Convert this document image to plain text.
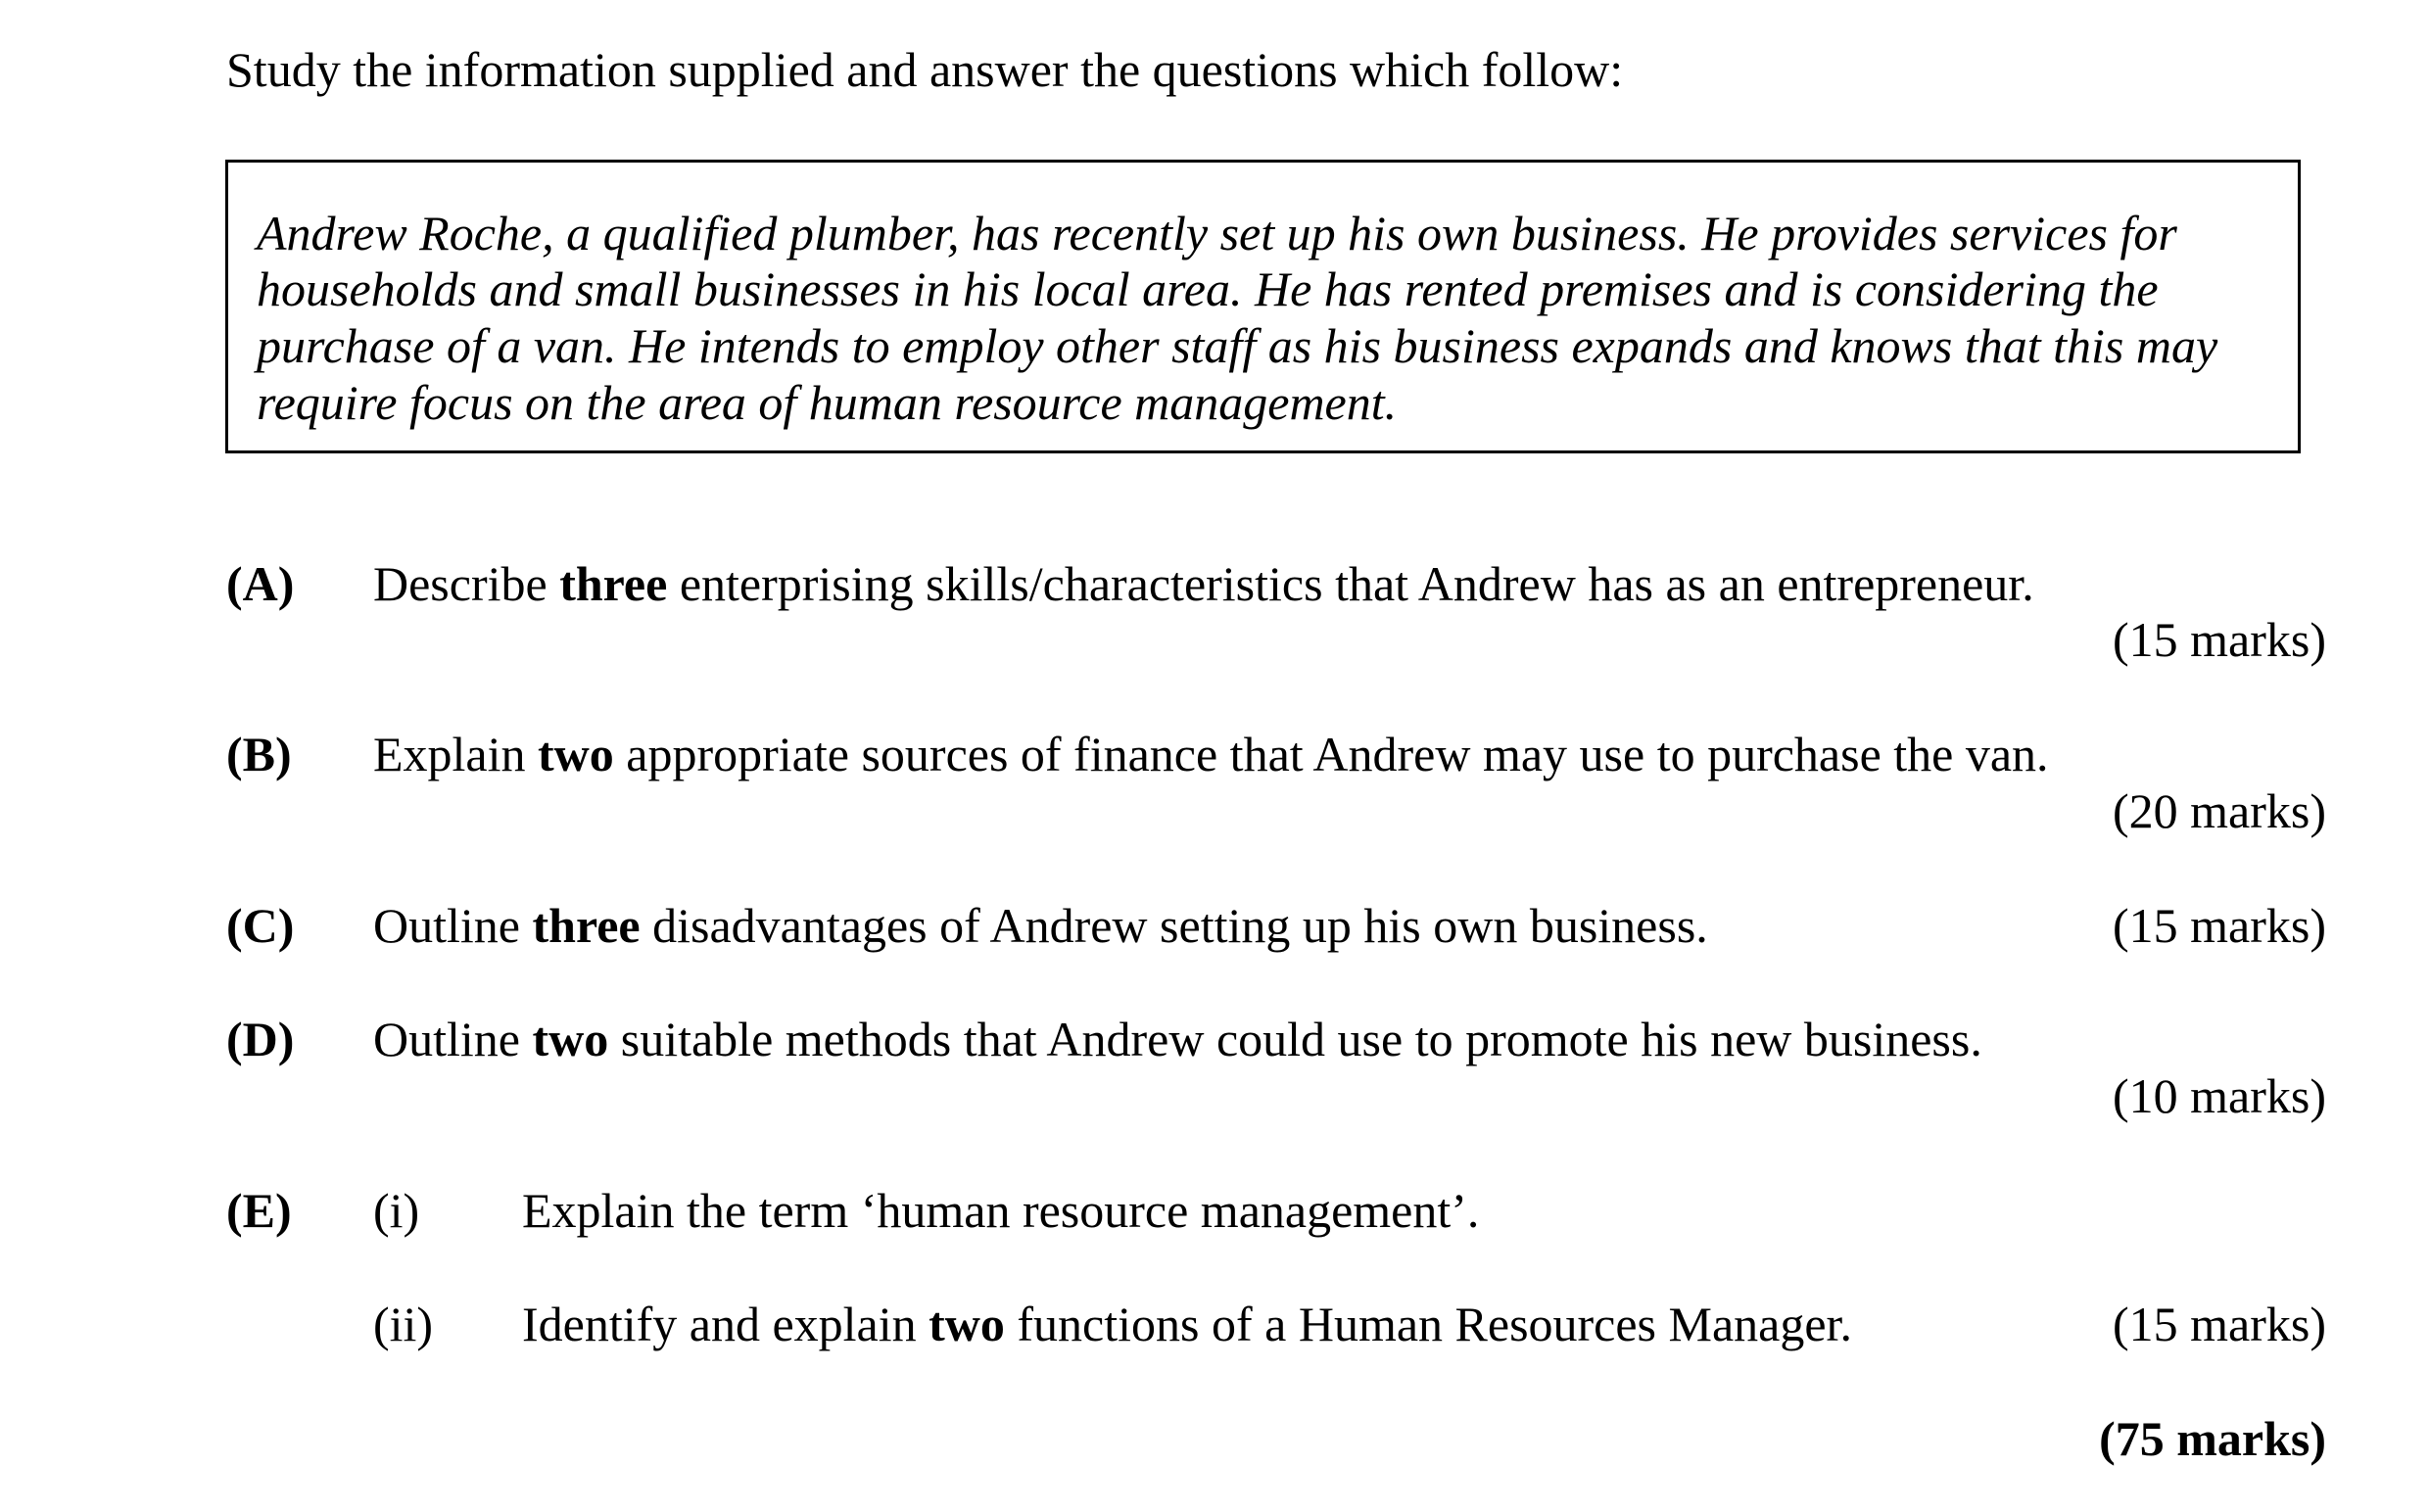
Study the information supplied and answer the questions which follow:
Andrew Roche, a qualified plumber, has recently set up his own business. He provides services for
households and small businesses in his local area. He has rented premises and is considering the
purchase of a van. He intends to employ other staff as his business expands and knows that this may
require focus on the area of human resource management.
(A) Describe three enterprising skills/characteristics that Andrew has as an entrepreneur.
(15 marks)
(B) Explain two appropriate sources of finance that Andrew may use to purchase the van.
(20 marks)
(C) Outline three disadvantages of Andrew setting up his own business.	(15 marks)
(D) Outline two suitable methods that Andrew could use to promote his new business.
(10 marks)
(E) (i) Explain the term ‘human resource management’.
(ii) Identify and explain two functions of a Human Resources Manager.	(15 marks)
(75 marks)
